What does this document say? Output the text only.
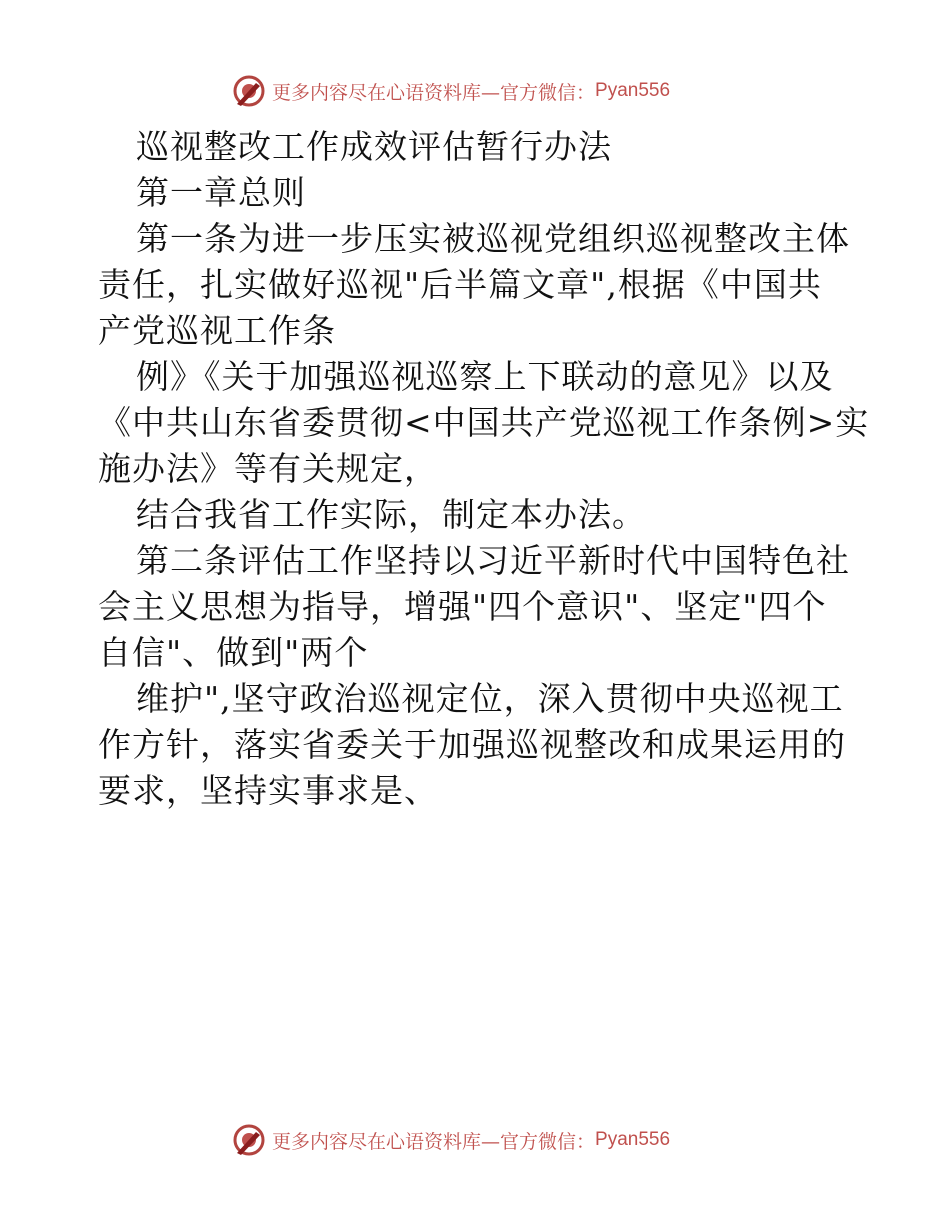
更多内容尽在心语资料库—官方微信： Pyan556
巡视整改工作成效评估暂行办法
第一章总则
第一条为进一步压实被巡视党组织巡视整改主体
责任，扎实做好巡视"后半篇文章",根据《中国共
产党巡视工作条
例》《关于加强巡视巡察上下联动的意见》以及
《中共山东省委贯彻<中国共产党巡视工作条例>实
施办法》等有关规定，
结合我省工作实际，制定本办法。
第二条评估工作坚持以习近平新时代中国特色社
会主义思想为指导，增强"四个意识"、坚定"四个
自信"、做到"两个
维护",坚守政治巡视定位，深入贯彻中央巡视工
作方针，落实省委关于加强巡视整改和成果运用的
要求，坚持实事求是、
更多内容尽在心语资料库—官方微信： Pyan556
